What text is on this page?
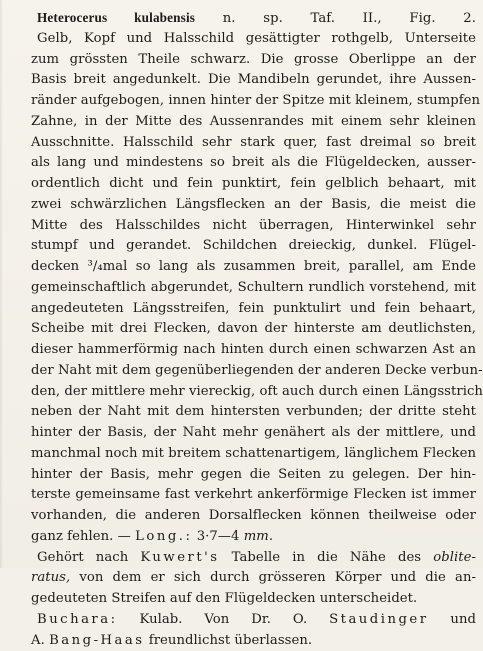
Heterocerus kulabensis n. sp. Taf. II., Fig. 2.
Gelb, Kopf und Halsschild gesättigter rothgelb, Unterseite
zum grössten Theile schwarz. Die grosse Oberlippe an der
Basis breit angedunkelt. Die Mandibeln gerundet, ihre Aussen-
ränder aufgebogen, innen hinter der Spitze mit kleinem, stumpfen
Zahne, in der Mitte des Aussenrandes mit einem sehr kleinen
Ausschnitte. Halsschild sehr stark quer, fast dreimal so breit
als lang und mindestens so breit als die Flügeldecken, ausser-
ordentlich dicht und fein punktirt, fein gelblich behaart, mit
zwei schwärzlichen Längsflecken an der Basis, die meist die
Mitte des Halsschildes nicht überragen, Hinterwinkel sehr
stumpf und gerandet. Schildchen dreieckig, dunkel. Flügel-
decken ³/₄mal so lang als zusammen breit, parallel, am Ende
gemeinschaftlich abgerundet, Schultern rundlich vorstehend, mit
angedeuteten Längsstreifen, fein punktulirt und fein behaart,
Scheibe mit drei Flecken, davon der hinterste am deutlichsten,
dieser hammerförmig nach hinten durch einen schwarzen Ast an
der Naht mit dem gegenüberliegenden der anderen Decke verbun-
den, der mittlere mehr viereckig, oft auch durch einen Längsstrich
neben der Naht mit dem hintersten verbunden; der dritte steht
hinter der Basis, der Naht mehr genähert als der mittlere, und
manchmal noch mit breitem schattenartigem, länglichem Flecken
hinter der Basis, mehr gegen die Seiten zu gelegen. Der hin-
terste gemeinsame fast verkehrt ankerförmige Flecken ist immer
vorhanden, die anderen Dorsalflecken können theilweise oder
ganz fehlen. — Long.: 3·7—4 mm.
Gehört nach Kuwert's Tabelle in die Nähe des oblite-
ratus, von dem er sich durch grösseren Körper und die an-
gedeuteten Streifen auf den Flügeldecken unterscheidet.
Buchara: Kulab. Von Dr. O. Staudinger und
A. Bang-Haas freundlichst überlassen.
